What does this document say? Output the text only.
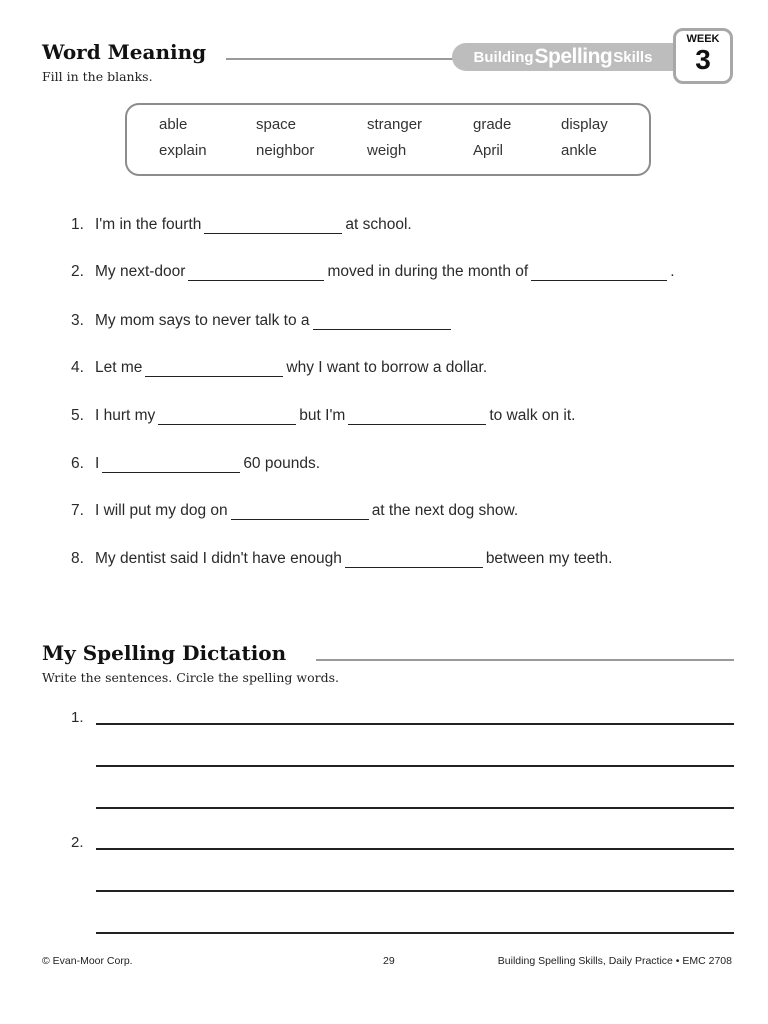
Word Meaning
Fill in the blanks.
Building Spelling Skills
WEEK
3
able	space	stranger	grade	display
explain	neighbor	weigh	April	ankle
1. I'm in the fourth	at school.
2. My next-door	moved in during the month of	.
3. My mom says to never talk to a
4. Let me	why I want to borrow a dollar.
5. I hurt my	but I'm	to walk on it.
6. I	60 pounds.
7. I will put my dog on	at the next dog show.
8. My dentist said I didn't have enough	between my teeth.
My Spelling Dictation
Write the sentences. Circle the spelling words.
1.
2.
© Evan-Moor Corp.	29	Building Spelling Skills, Daily Practice • EMC 2708
